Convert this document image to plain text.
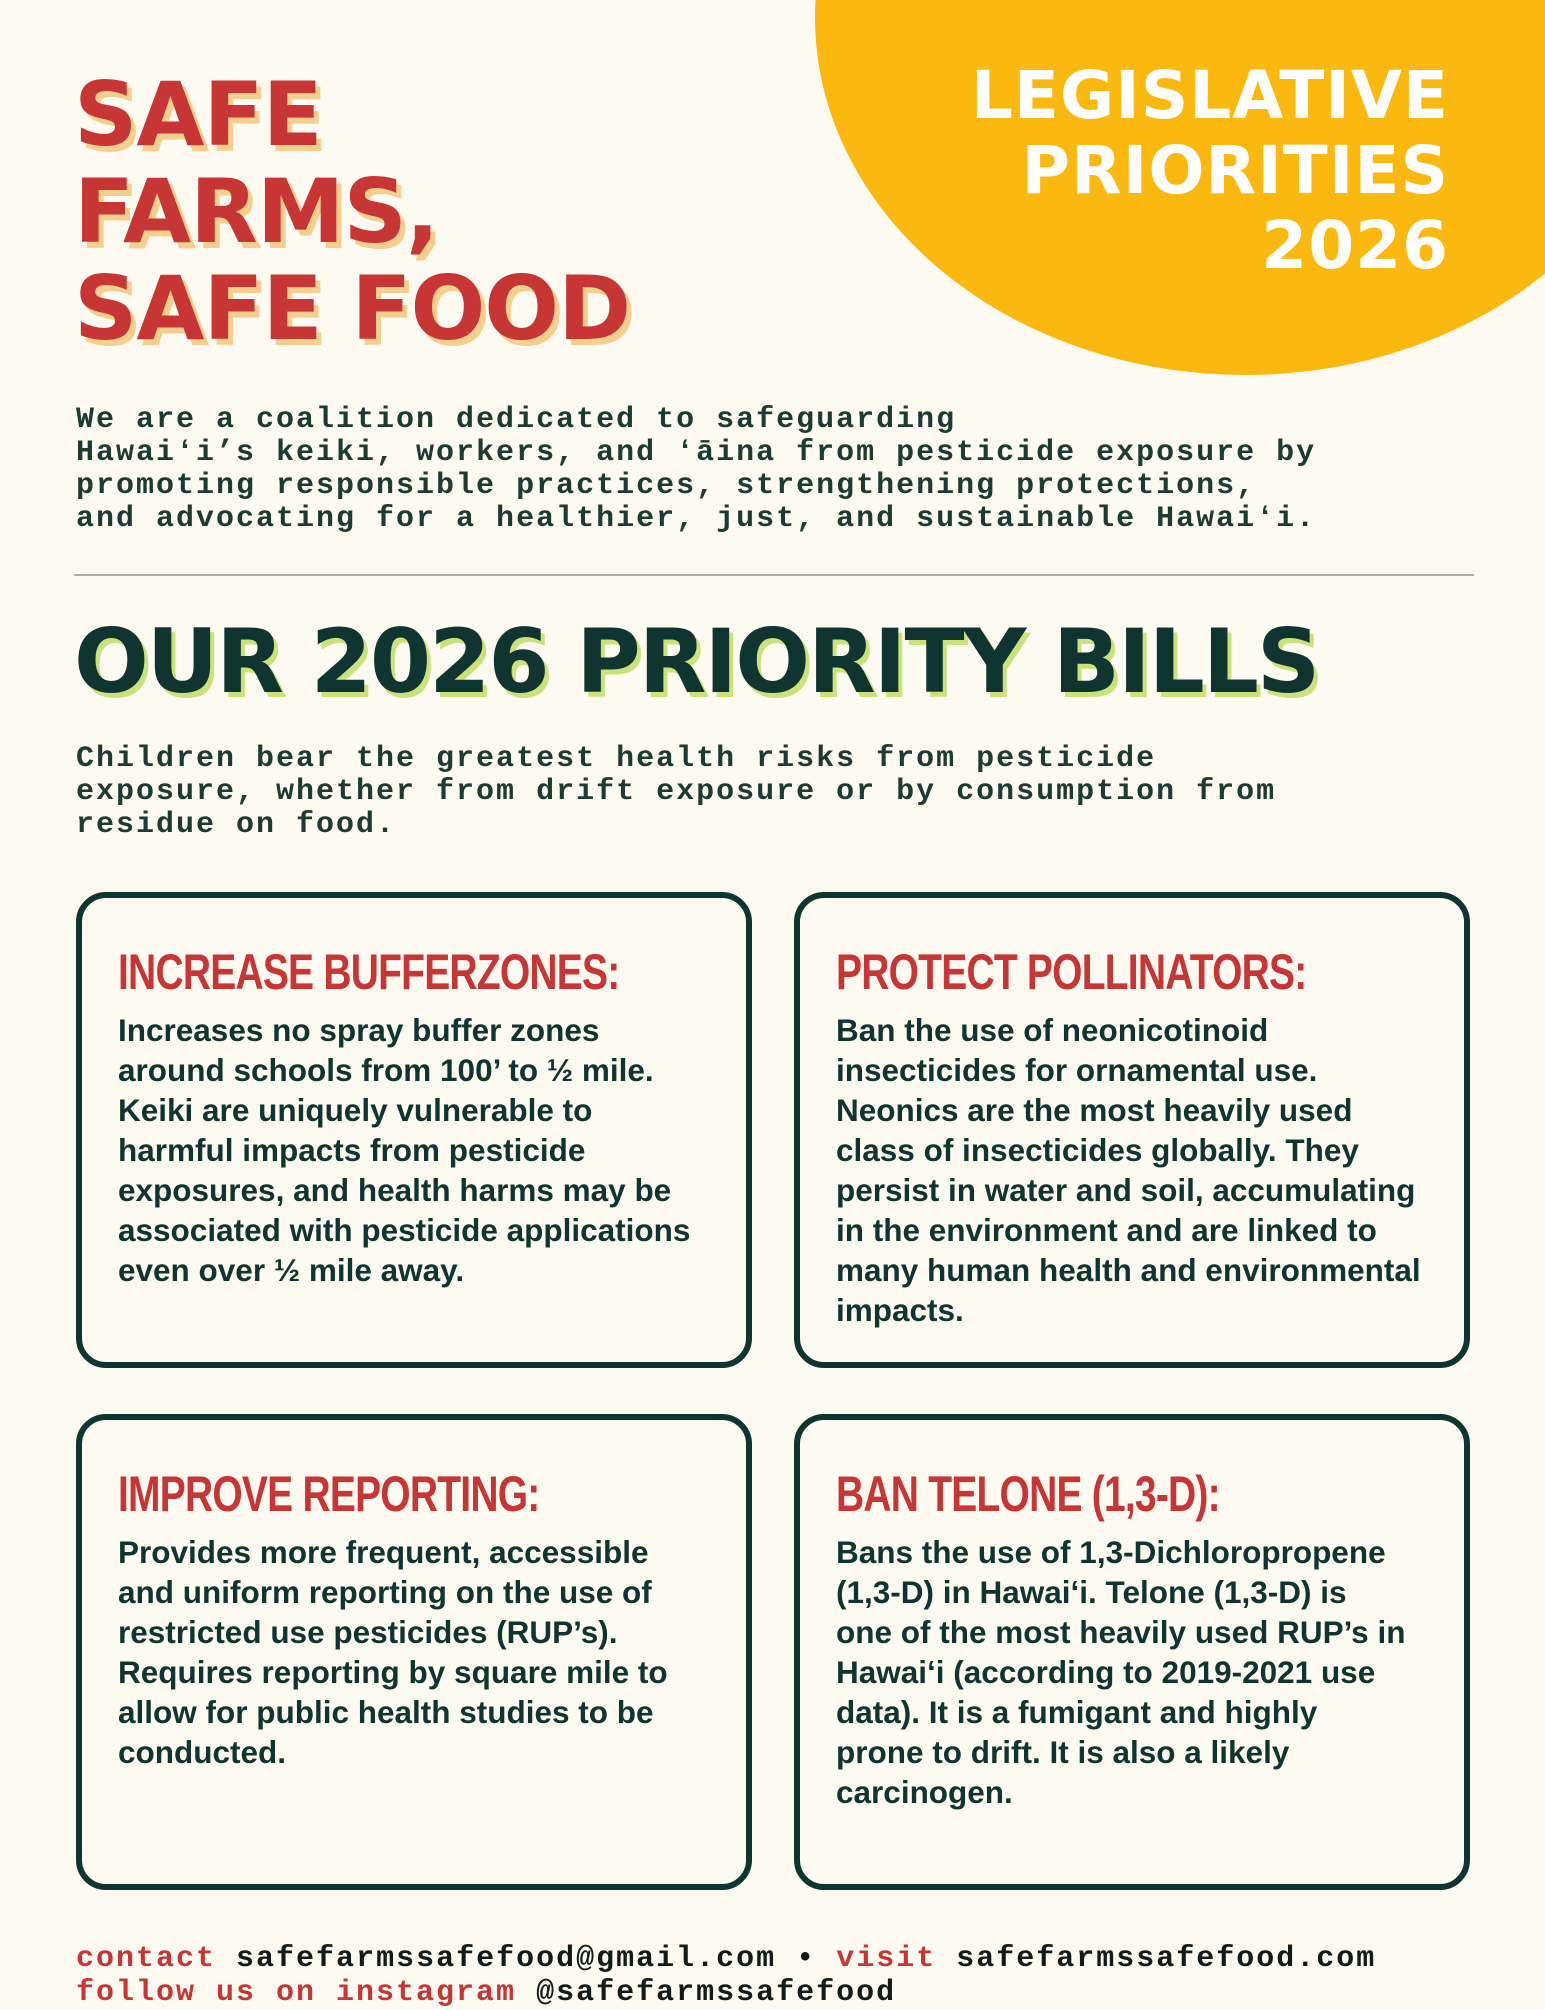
LEGISLATIVE
PRIORITIES
2026
SAFE
FARMS,
SAFE FOOD
We are a coalition dedicated to safeguarding
Hawaiʻi’s keiki, workers, and ʻāina from pesticide exposure by
promoting responsible practices, strengthening protections,
and advocating for a healthier, just, and sustainable Hawaiʻi.
OUR 2026 PRIORITY BILLS
Children bear the greatest health risks from pesticide
exposure, whether from drift exposure or by consumption from
residue on food.
INCREASE BUFFERZONES:

Increases no spray buffer zones
around schools from 100’ to ½ mile.
Keiki are uniquely vulnerable to
harmful impacts from pesticide
exposures, and health harms may be
associated with pesticide applications
even over ½ mile away.

PROTECT POLLINATORS:

Ban the use of neonicotinoid
insecticides for ornamental use.
Neonics are the most heavily used
class of insecticides globally. They
persist in water and soil, accumulating
in the environment and are linked to
many human health and environmental
impacts.

IMPROVE REPORTING:

Provides more frequent, accessible
and uniform reporting on the use of
restricted use pesticides (RUP’s).
Requires reporting by square mile to
allow for public health studies to be
conducted.

BAN TELONE (1,3-D):

Bans the use of 1,3-Dichloropropene
(1,3-D) in Hawaiʻi. Telone (1,3-D) is
one of the most heavily used RUP’s in
Hawaiʻi (according to 2019-2021 use
data). It is a fumigant and highly
prone to drift. It is also a likely
carcinogen.

contact safefarmssafefood@gmail.com • visit safefarmssafefood.com
follow us on instagram @safefarmssafefood
